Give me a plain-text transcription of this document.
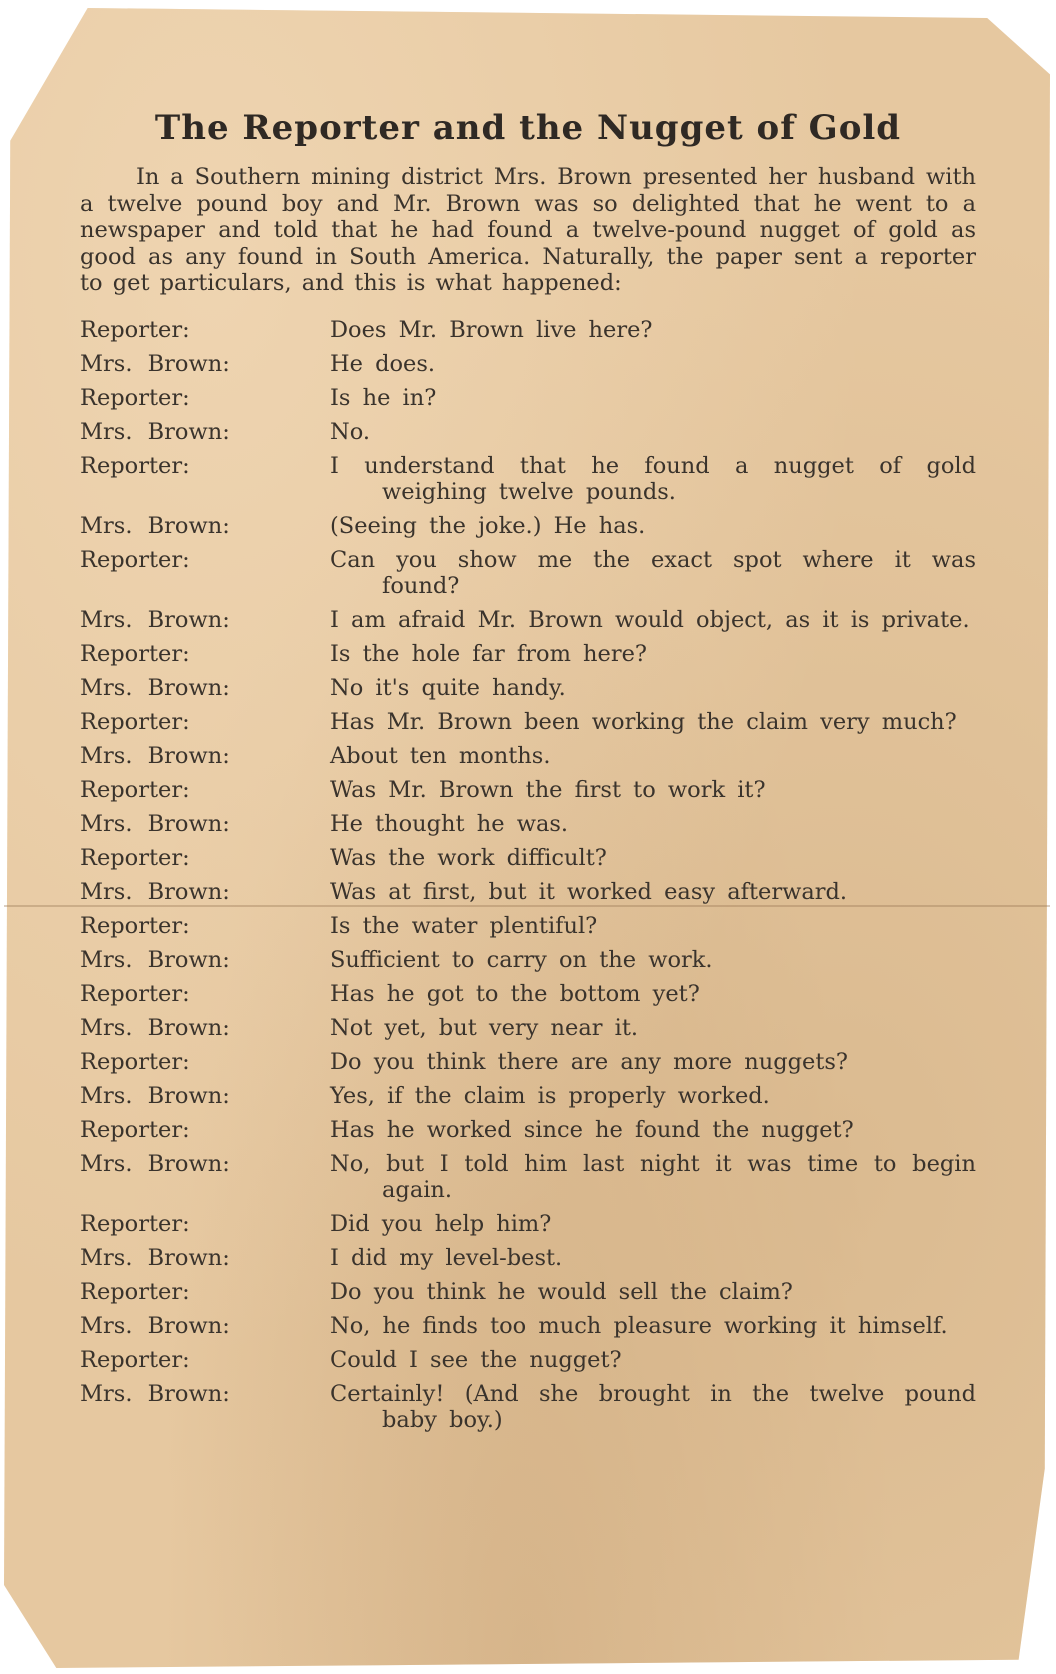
The Reporter and the Nugget of Gold

In a Southern mining district Mrs. Brown presented her husband with a twelve pound boy and Mr. Brown was so delighted that he went to a newspaper and told that he had found a twelve-pound nugget of gold as good as any found in South America. Naturally, the paper sent a reporter to get particulars, and this is what happened:

Reporter:	Does Mr. Brown live here?
Mrs. Brown:	He does.
Reporter:	Is he in?
Mrs. Brown:	No.
Reporter:	I understand that he found a nugget of gold weighing twelve pounds.
Mrs. Brown:	(Seeing the joke.) He has.
Reporter:	Can you show me the exact spot where it was found?
Mrs. Brown:	I am afraid Mr. Brown would object, as it is private.
Reporter:	Is the hole far from here?
Mrs. Brown:	No it's quite handy.
Reporter:	Has Mr. Brown been working the claim very much?
Mrs. Brown:	About ten months.
Reporter:	Was Mr. Brown the first to work it?
Mrs. Brown:	He thought he was.
Reporter:	Was the work difficult?
Mrs. Brown:	Was at first, but it worked easy afterward.
Reporter:	Is the water plentiful?
Mrs. Brown:	Sufficient to carry on the work.
Reporter:	Has he got to the bottom yet?
Mrs. Brown:	Not yet, but very near it.
Reporter:	Do you think there are any more nuggets?
Mrs. Brown:	Yes, if the claim is properly worked.
Reporter:	Has he worked since he found the nugget?
Mrs. Brown:	No, but I told him last night it was time to begin again.
Reporter:	Did you help him?
Mrs. Brown:	I did my level-best.
Reporter:	Do you think he would sell the claim?
Mrs. Brown:	No, he finds too much pleasure working it himself.
Reporter:	Could I see the nugget?
Mrs. Brown:	Certainly! (And she brought in the twelve pound baby boy.)
